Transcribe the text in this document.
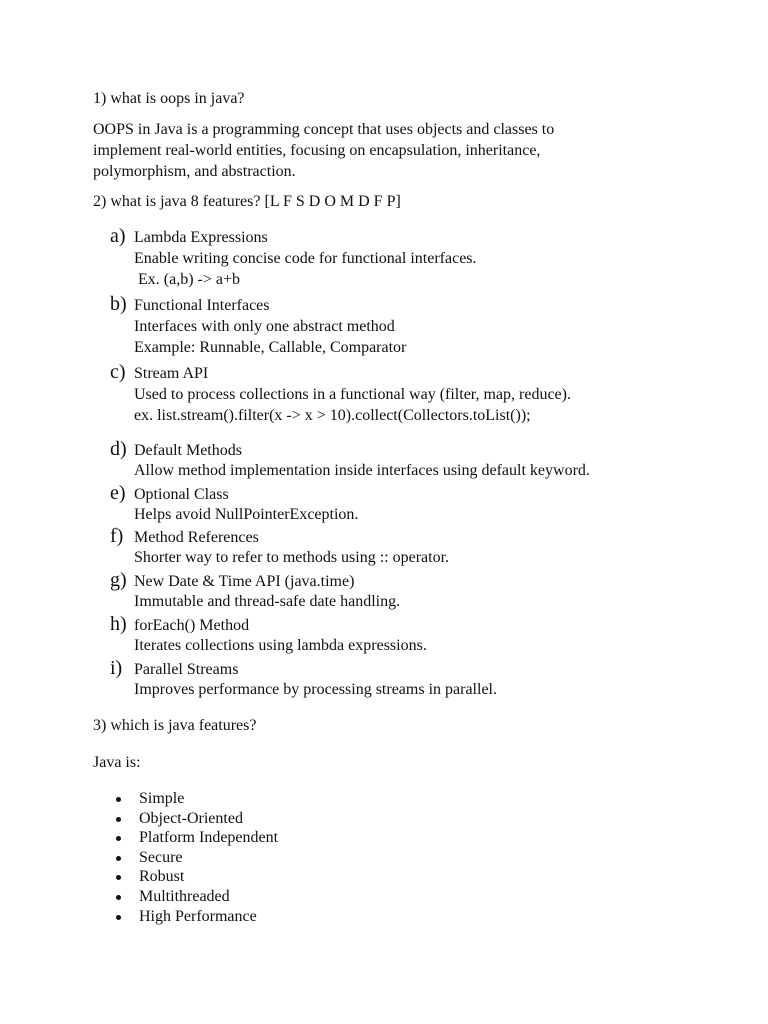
1) what is oops in java?
OOPS in Java is a programming concept that uses objects and classes to
implement real-world entities, focusing on encapsulation, inheritance,
polymorphism, and abstraction.
2) what is java 8 features? [L F S D O M D F P]
a) Lambda Expressions
Enable writing concise code for functional interfaces.
Ex. (a,b) -> a+b
b) Functional Interfaces
Interfaces with only one abstract method
Example: Runnable, Callable, Comparator
c) Stream API
Used to process collections in a functional way (filter, map, reduce).
ex. list.stream().filter(x -> x > 10).collect(Collectors.toList());
d) Default Methods
Allow method implementation inside interfaces using default keyword.
e) Optional Class
Helps avoid NullPointerException.
f) Method References
Shorter way to refer to methods using :: operator.
g) New Date & Time API (java.time)
Immutable and thread-safe date handling.
h) forEach() Method
Iterates collections using lambda expressions.
i) Parallel Streams
Improves performance by processing streams in parallel.
3) which is java features?
Java is:
Simple
Object-Oriented
Platform Independent
Secure
Robust
Multithreaded
High Performance
